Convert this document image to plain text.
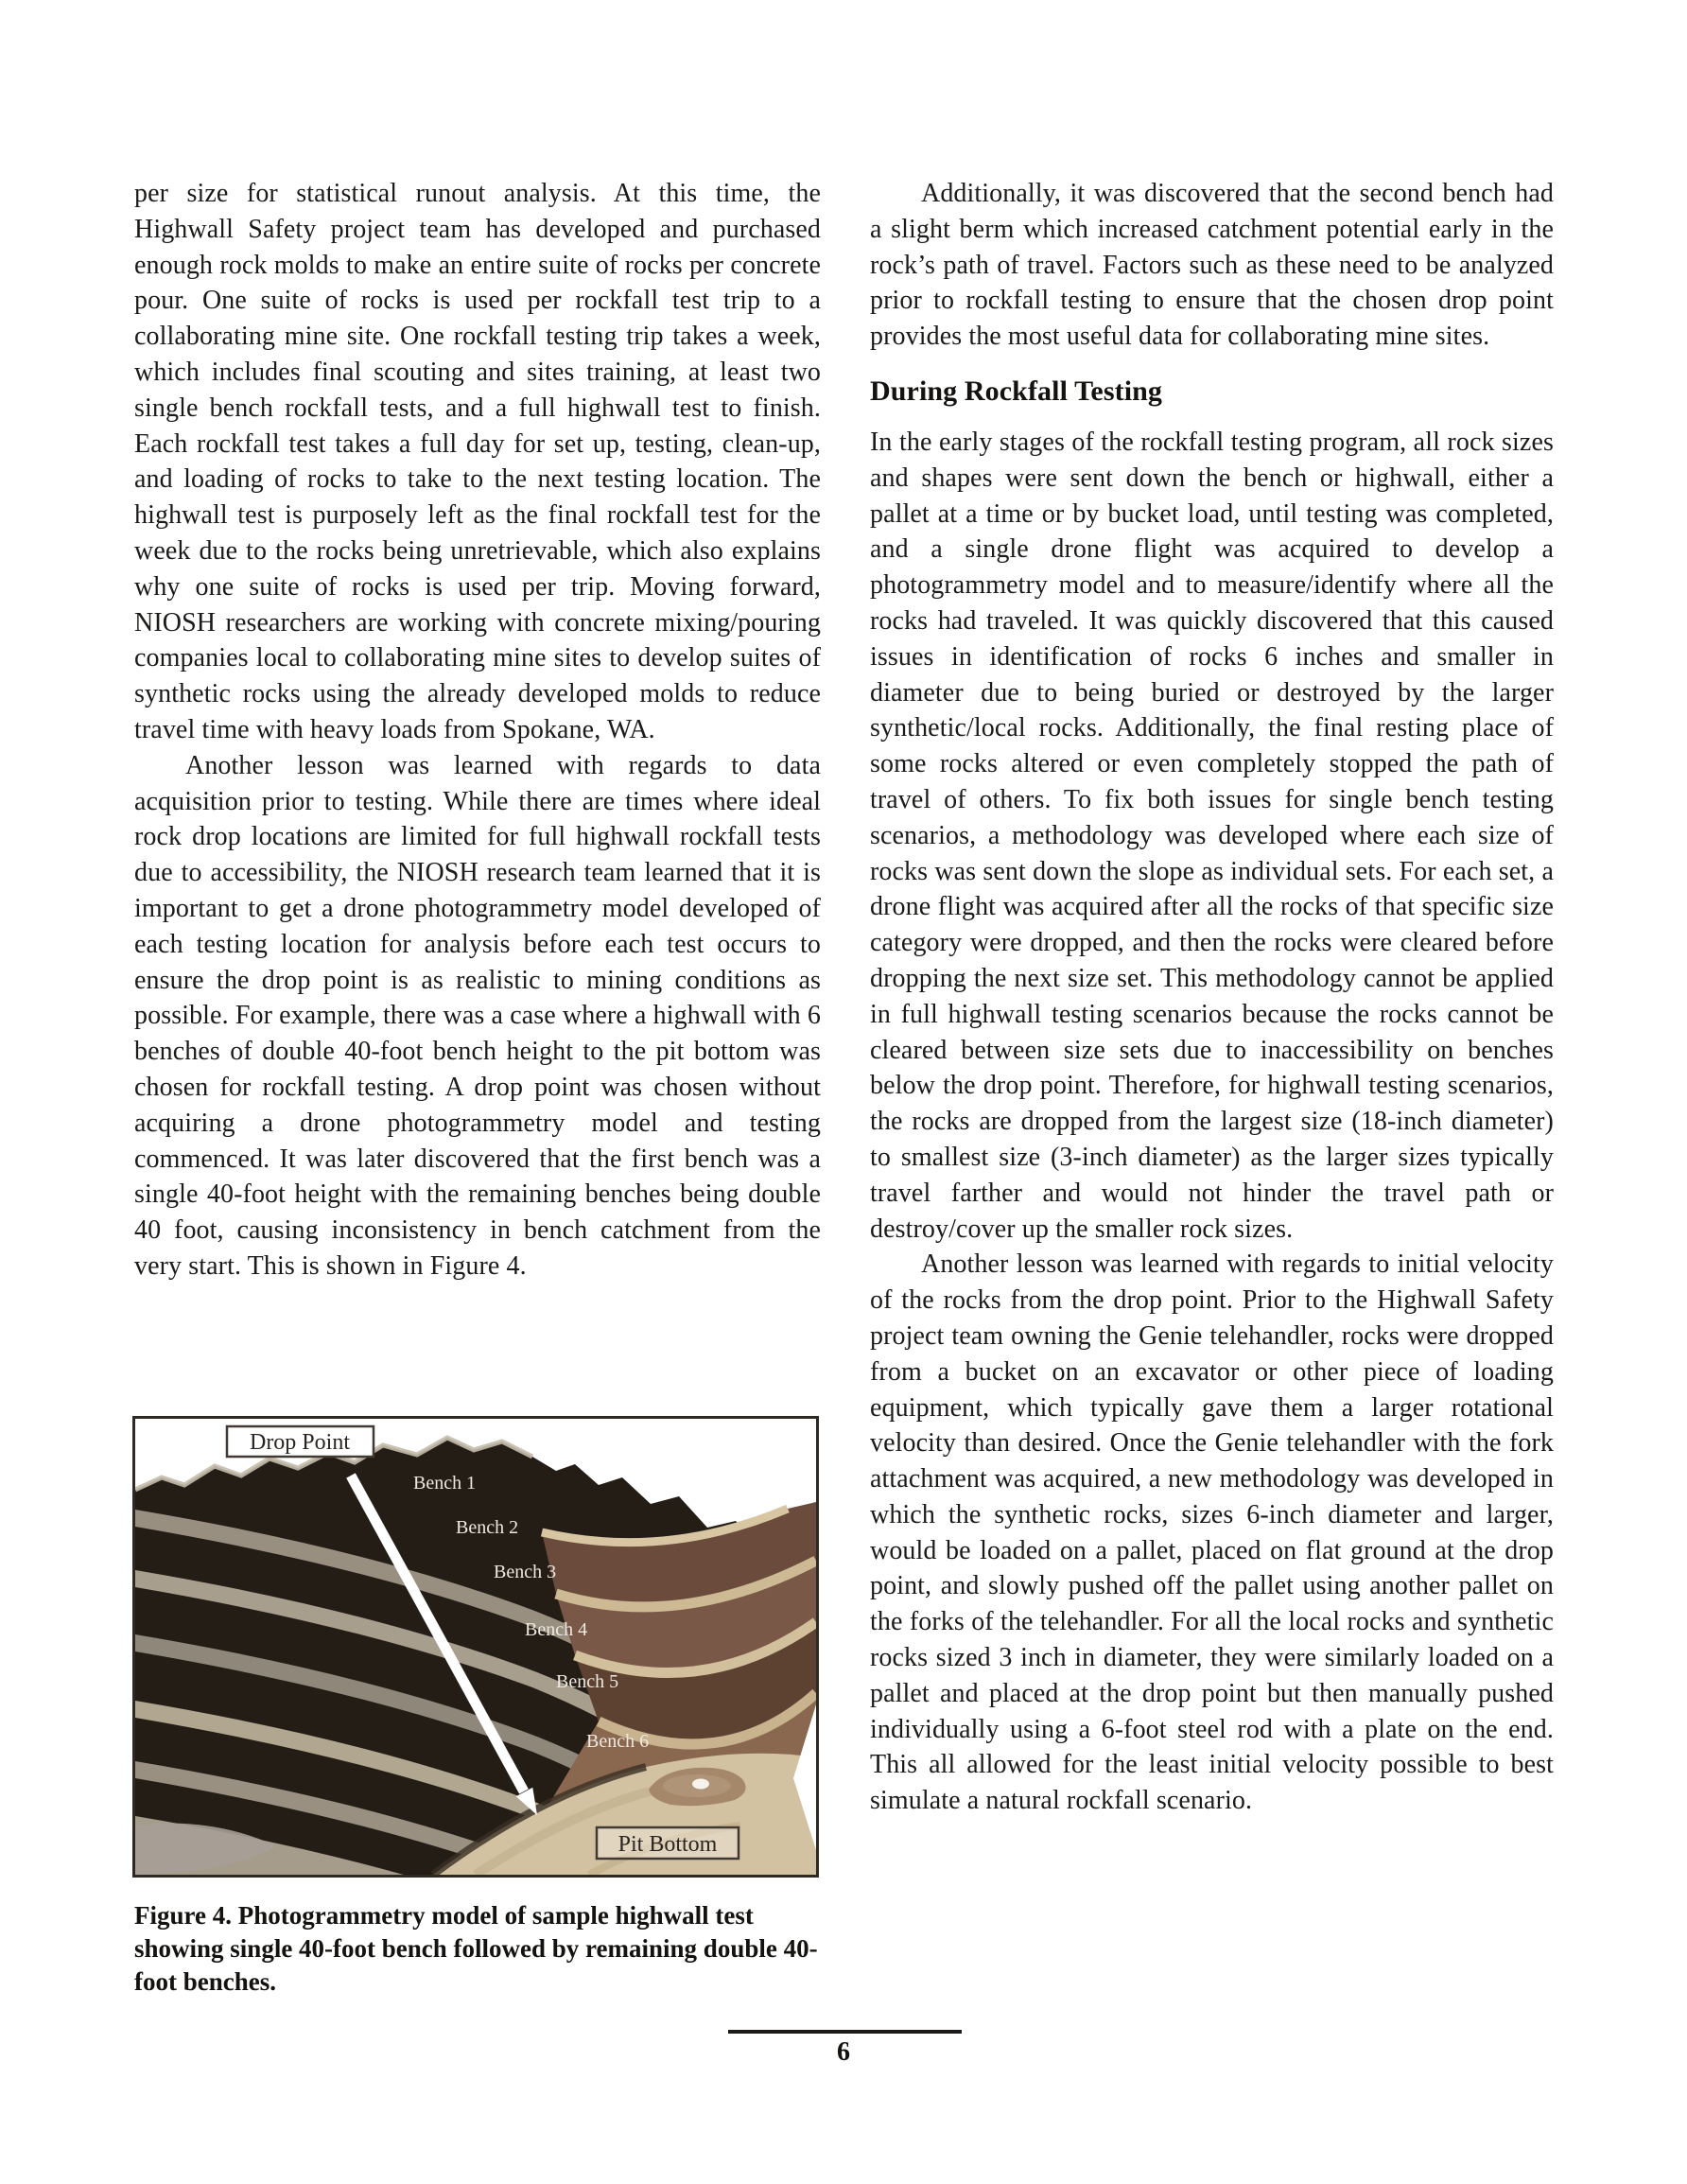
per size for statistical runout analysis. At this time, the Highwall Safety project team has developed and purchased enough rock molds to make an entire suite of rocks per concrete pour. One suite of rocks is used per rockfall test trip to a collaborating mine site. One rockfall testing trip takes a week, which includes final scouting and sites training, at least two single bench rockfall tests, and a full highwall test to finish. Each rockfall test takes a full day for set up, testing, clean-up, and loading of rocks to take to the next testing location. The highwall test is purposely left as the final rockfall test for the week due to the rocks being unretrievable, which also explains why one suite of rocks is used per trip. Moving forward, NIOSH researchers are working with concrete mixing/pouring companies local to collaborating mine sites to develop suites of synthetic rocks using the already developed molds to reduce travel time with heavy loads from Spokane, WA.

Another lesson was learned with regards to data acquisition prior to testing. While there are times where ideal rock drop locations are limited for full highwall rockfall tests due to accessibility, the NIOSH research team learned that it is important to get a drone photogrammetry model developed of each testing location for analysis before each test occurs to ensure the drop point is as realistic to mining conditions as possible. For example, there was a case where a highwall with 6 benches of double 40-foot bench height to the pit bottom was chosen for rockfall testing. A drop point was chosen without acquiring a drone photogrammetry model and testing commenced. It was later discovered that the first bench was a single 40-foot height with the remaining benches being double 40 foot, causing inconsistency in bench catchment from the very start. This is shown in Figure 4.

Additionally, it was discovered that the second bench had a slight berm which increased catchment potential early in the rock’s path of travel. Factors such as these need to be analyzed prior to rockfall testing to ensure that the chosen drop point provides the most useful data for collaborating mine sites.

During Rockfall Testing

In the early stages of the rockfall testing program, all rock sizes and shapes were sent down the bench or highwall, either a pallet at a time or by bucket load, until testing was completed, and a single drone flight was acquired to develop a photogrammetry model and to measure/identify where all the rocks had traveled. It was quickly discovered that this caused issues in identification of rocks 6 inches and smaller in diameter due to being buried or destroyed by the larger synthetic/local rocks. Additionally, the final resting place of some rocks altered or even completely stopped the path of travel of others. To fix both issues for single bench testing scenarios, a methodology was developed where each size of rocks was sent down the slope as individual sets. For each set, a drone flight was acquired after all the rocks of that specific size category were dropped, and then the rocks were cleared before dropping the next size set. This methodology cannot be applied in full highwall testing scenarios because the rocks cannot be cleared between size sets due to inaccessibility on benches below the drop point. Therefore, for highwall testing scenarios, the rocks are dropped from the largest size (18-inch diameter) to smallest size (3-inch diameter) as the larger sizes typically travel farther and would not hinder the travel path or destroy/cover up the smaller rock sizes.

Another lesson was learned with regards to initial velocity of the rocks from the drop point. Prior to the Highwall Safety project team owning the Genie telehandler, rocks were dropped from a bucket on an excavator or other piece of loading equipment, which typically gave them a larger rotational velocity than desired. Once the Genie telehandler with the fork attachment was acquired, a new methodology was developed in which the synthetic rocks, sizes 6-inch diameter and larger, would be loaded on a pallet, placed on flat ground at the drop point, and slowly pushed off the pallet using another pallet on the forks of the telehandler. For all the local rocks and synthetic rocks sized 3 inch in diameter, they were similarly loaded on a pallet and placed at the drop point but then manually pushed individually using a 6-foot steel rod with a plate on the end. This all allowed for the least initial velocity possible to best simulate a natural rockfall scenario.

Drop Point
Bench 1
Bench 2
Bench 3
Bench 4
Bench 5
Bench 6
Pit Bottom
Figure 4. Photogrammetry model of sample highwall test showing single 40-foot bench followed by remaining double 40-foot benches.
6
